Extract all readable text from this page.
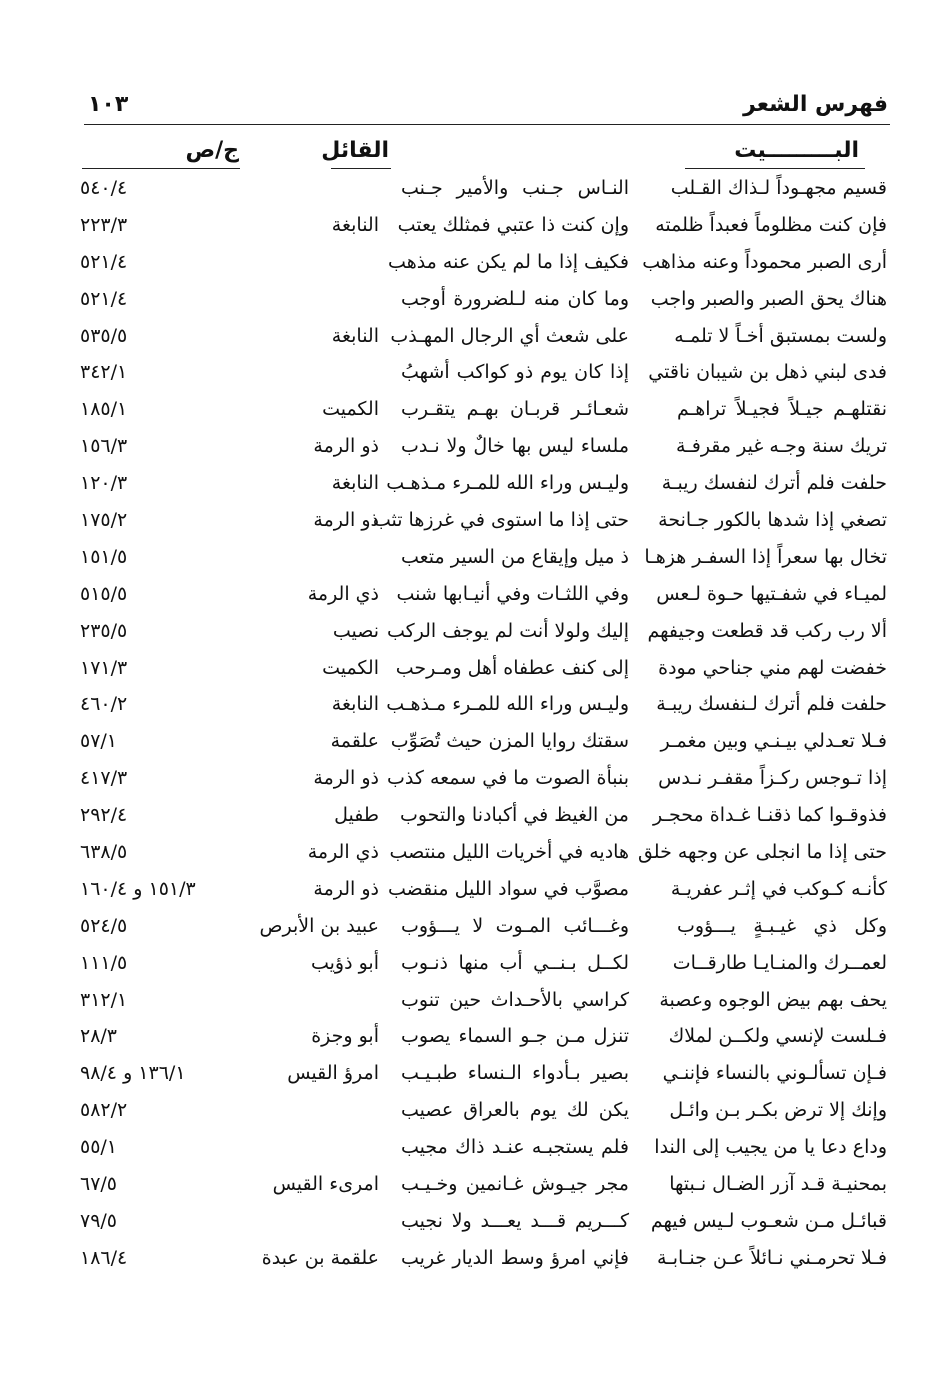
فهرس الشعر
١٠٣
البـــــــــيت
القائل
ج/ص
قسيم مجهـوداً لـذاك القـلب
النـاس جـنب والأمير جـنب
٥٤٠/٤
فإن كنت مظلوماً فعبداً ظلمته
وإن كنت ذا عتبي فمثلك يعتب
النابغة
٢٢٣/٣
أرى الصبر محموداً وعنه مذاهب
فكيف إذا ما لم يكن عنه مذهب
٥٢١/٤
هناك يحق الصبر والصبر واجب
وما كان منه لـلضرورة أوجب
٥٢١/٤
ولست بمستبق أخـاً لا تلمـه
على شعث أي الرجال المهـذب
النابغة
٥٣٥/٥
فدى لبني ذهل بن شيبان ناقتي
إذا كان يوم ذو كواكب أشهبُ
٣٤٢/١
نقتلهـم جيـلاً فجيـلاً تراهـم
شعـائـر قربـان بهـم يتقـرب
الكميت
١٨٥/١
تريك سنة وجـه غير مقرفـة
ملساء ليس بها خالٌ ولا نـدب
ذو الرمة
١٥٦/٣
حلفت فلم أترك لنفسك ريبـة
وليـس وراء الله للمـرء مـذهـب
النابغة
١٢٠/٣
تصغي إذا شدها بالكور جـانحة
حتى إذا ما استوى في غرزها تثب
ذو الرمة
١٧٥/٢
تخال بها سعراً إذا السفـر هزهـا
ذ ميل وإيقاع من السير متعب
١٥١/٥
لميـاء في شفـتيها حـوة لـعس
وفي اللثـات وفي أنيـابها شنب
ذي الرمة
٥١٥/٥
ألا رب ركب قد قطعت وجيفهم
إليك ولولا أنت لم يوجف الركب
نصيب
٢٣٥/٥
خفضت لهم مني جناحي مودة
إلى كنف عطفاه أهل ومـرحب
الكميت
١٧١/٣
حلفت فلم أترك لـنفسك ريبـة
وليـس وراء الله للمـرء مـذهـب
النابغة
٤٦٠/٢
فـلا تعـدلي بيـنـي وبين مغمـر
سقتك روايا المزن حيث تُصَوِّب
علقمة
٥٧/١
إذا تـوجس ركـزاً مقفـر نـدس
بنبأة الصوت ما في سمعه كذب
ذو الرمة
٤١٧/٣
فذوقـوا كما ذقنـا غـداة محجـر
من الغيظ في أكبادنا والتحوب
طفيل
٢٩٢/٤
حتى إذا ما انجلى عن وجهه خلق
هاديه في أخريات الليل منتصب
ذي الرمة
٦٣٨/٥
كأنـه كـوكب في إثـر عفريـة
مصوَّب في سواد الليل منقضب
ذو الرمة
١٥١/٣ و ١٦٠/٤
وكل ذي غيـبـةٍ يـــؤوب
وغـــائب المـوت لا يـــؤوب
عبيد بن الأبرص
٥٢٤/٥
لعمــرك والمنـايـا طارقــات
لكــل بـنــي أب منها ذنـوب
أبو ذؤيب
١١١/٥
يحف بهم بيض الوجوه وعصبة
كراسي بالأحـداث حين تنوب
٣١٢/١
فـلست لإنسي ولكــن لملاك
تنزل مـن جـو السماء يصوب
أبو وجزة
٢٨/٣
فـإن تسألـوني بالنساء فإننـي
بصير بـأدواء الـنساء طبـيـب
امرؤ القيس
١٣٦/١ و ٩٨/٤
وإنك إلا ترض بكـر بـن وائـل
يكن لك يوم بالعراق عصيب
٥٨٢/٢
وداع دعا يا من يجيب إلى الندا
فلم يستجبـه عنـد ذاك مجيب
٥٥/١
بمحنيـة قـد آزر الضـال نـبتها
مجر جيـوش غـانمين وخـيـب
امرىء القيس
٦٧/٥
قبائـل مـن شعـوب لـيس فيهم
كـــريم قـــد يعـــد ولا نجيب
٧٩/٥
فـلا تحرمـني نـائلاً عـن جنـابـة
فإني امرؤ وسط الديار غريب
علقمة بن عبدة
١٨٦/٤
